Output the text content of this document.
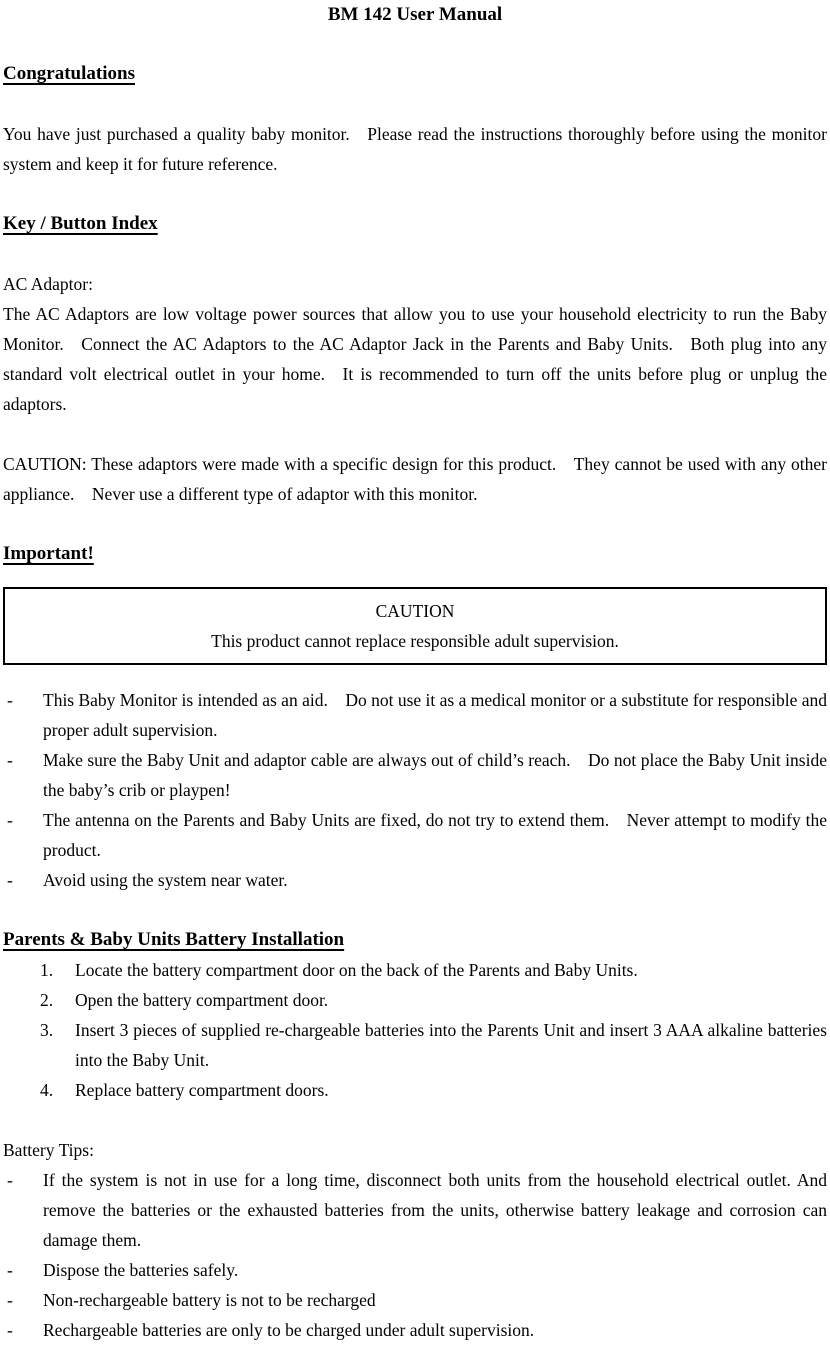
BM 142 User Manual
Congratulations

You have just purchased a quality baby monitor. Please read the instructions thoroughly before using the monitor system and keep it for future reference.

Key / Button Index
AC Adaptor:

The AC Adaptors are low voltage power sources that allow you to use your household electricity to run the Baby Monitor. Connect the AC Adaptors to the AC Adaptor Jack in the Parents and Baby Units. Both plug into any standard volt electrical outlet in your home. It is recommended to turn off the units before plug or unplug the adaptors.

CAUTION: These adaptors were made with a specific design for this product. They cannot be used with any other appliance. Never use a different type of adaptor with this monitor.

Important!
CAUTION
This product cannot replace responsible adult supervision.
- This Baby Monitor is intended as an aid. Do not use it as a medical monitor or a substitute for responsible and proper adult supervision.
- Make sure the Baby Unit and adaptor cable are always out of child’s reach. Do not place the Baby Unit inside the baby’s crib or playpen!
- The antenna on the Parents and Baby Units are fixed, do not try to extend them. Never attempt to modify the product.
- Avoid using the system near water.
Parents & Baby Units Battery Installation
1. Locate the battery compartment door on the back of the Parents and Baby Units.
2. Open the battery compartment door.
3. Insert 3 pieces of supplied re-chargeable batteries into the Parents Unit and insert 3 AAA alkaline batteries into the Baby Unit.
4. Replace battery compartment doors.
Battery Tips:
- If the system is not in use for a long time, disconnect both units from the household electrical outlet. And remove the batteries or the exhausted batteries from the units, otherwise battery leakage and corrosion can damage them.
- Dispose the batteries safely.
- Non-rechargeable battery is not to be recharged
- Rechargeable batteries are only to be charged under adult supervision.
